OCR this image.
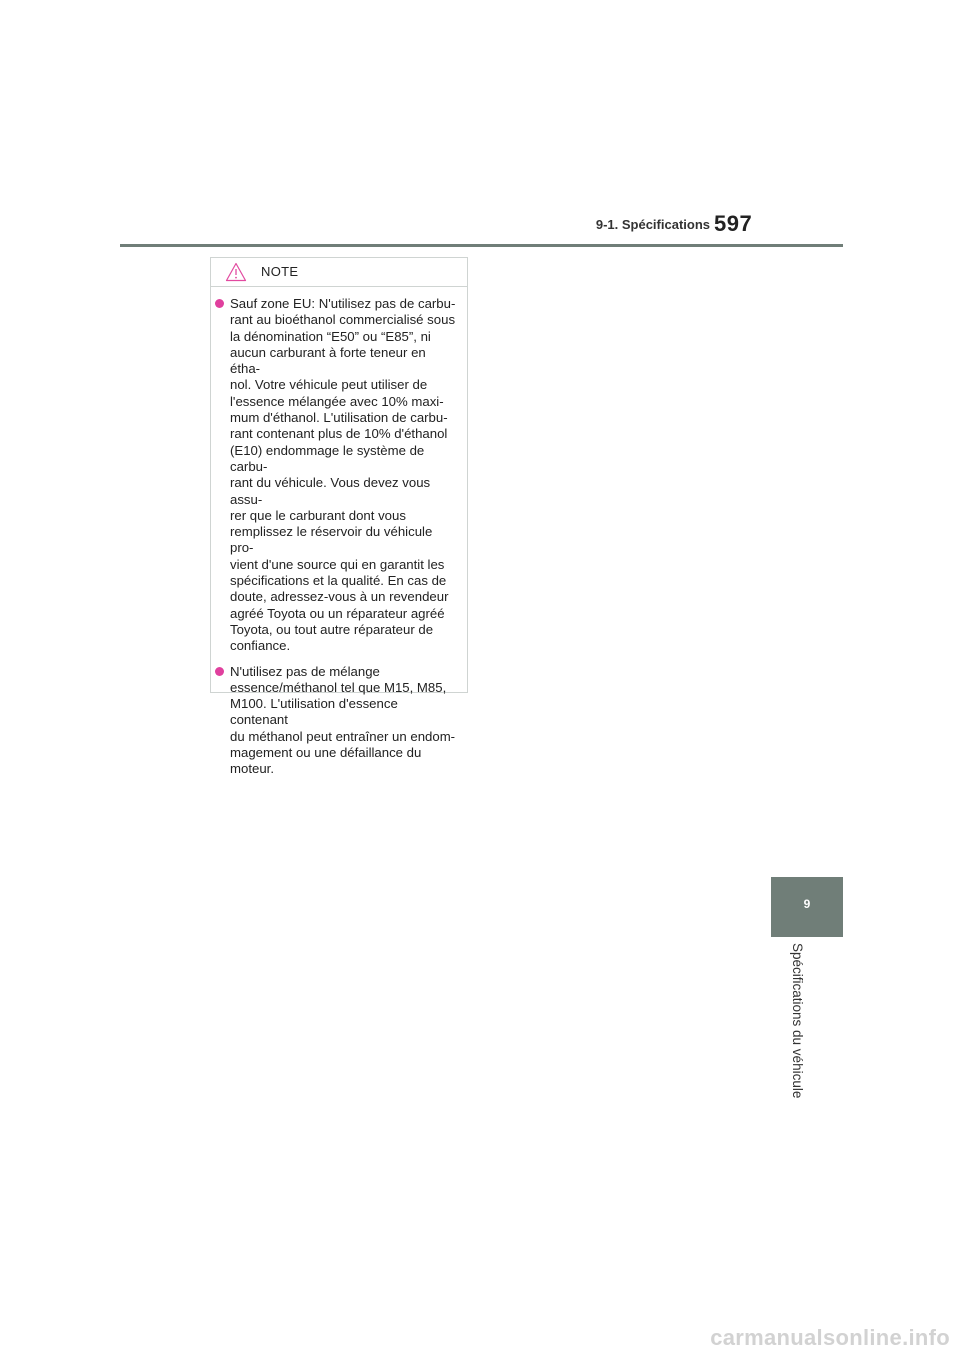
9-1. Spécifications 597
NOTE

Sauf zone EU: N'utilisez pas de carbu-
rant au bioéthanol commercialisé sous
la dénomination “E50” ou “E85”, ni
aucun carburant à forte teneur en étha-
nol. Votre véhicule peut utiliser de
l'essence mélangée avec 10% maxi-
mum d'éthanol. L'utilisation de carbu-
rant contenant plus de 10% d'éthanol
(E10) endommage le système de carbu-
rant du véhicule. Vous devez vous assu-
rer que le carburant dont vous
remplissez le réservoir du véhicule pro-
vient d'une source qui en garantit les
spécifications et la qualité. En cas de
doute, adressez-vous à un revendeur
agréé Toyota ou un réparateur agréé
Toyota, ou tout autre réparateur de
confiance.

N'utilisez pas de mélange
essence/méthanol tel que M15, M85,
M100. L'utilisation d'essence contenant
du méthanol peut entraîner un endom-
magement ou une défaillance du
moteur.

9
Spécifications du véhicule
carmanualsonline.info
